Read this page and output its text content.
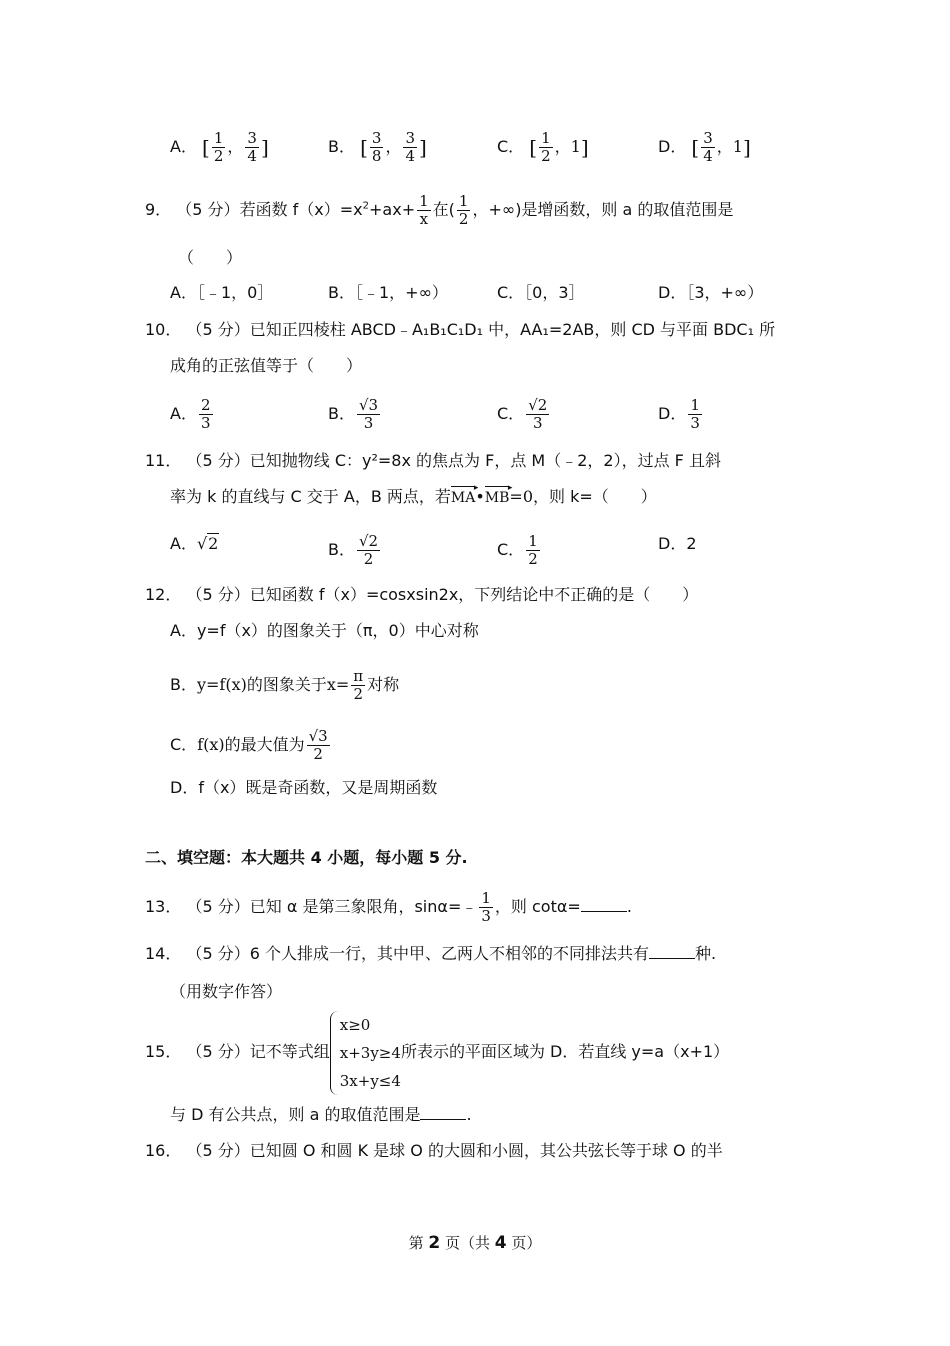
A． [ $\frac{1}{2}$ ， $\frac{3}{4}$ ]	B． [ $\frac{3}{8}$ ， $\frac{3}{4}$ ]	C． [ $\frac{1}{2}$ ，1]	D． [ $\frac{3}{4}$ ，1]
9． （5 分）若函数 $f(x)=x^2+ax+ \frac{1}{x}$ 在( $\frac{1}{2}$ ，+∞)是增函数，则 a 的取值范围是
（　　）
A．［﹣1，0］	B．［﹣1，+∞）	C．［0，3］	D．［3，+∞）
10． （5 分）已知正四棱柱 ABCD﹣A₁B₁C₁D₁ 中，AA₁=2AB，则 CD 与平面 BDC₁ 所
成角的正弦值等于（　　）
A． $\frac{2}{3}$	B． $\frac{√3}{3}$	C． $\frac{√2}{3}$	D． $\frac{1}{3}$
11． （5 分）已知抛物线 C：y²=8x 的焦点为 F，点 M（﹣2，2），过点 F 且斜
率为 k 的直线与 C 交于 A，B 两点，若MA ▸•MB ▸=0，则 k=（　　）
A．√2	B． $\frac{√2}{2}$	C． $\frac{1}{2}$	D．2
12． （5 分）已知函数 f（x）=cosxsin2x，下列结论中不正确的是（　　）
A．y=f（x）的图象关于（π，0）中心对称
B．y=f(x)的图象关于$x= \frac{\pi}{2}$ 对称
C．f(x)的最大值为 $\frac{√3}{2}$
D．f（x）既是奇函数，又是周期函数
二、填空题：本大题共 4 小题，每小题 5 分.
13． （5 分）已知 α 是第三象限角，sinα=﹣ $\frac{1}{3}$ ，则 cotα=	.
14． （5 分）6 个人排成一行，其中甲、乙两人不相邻的不同排法共有	种.
（用数字作答）
15． （5 分）记不等式组
x≥0
x+3y≥4
3x+y≤4
所表示的平面区域为 D．若直线 y=a（x+1）
与 D 有公共点，则 a 的取值范围是	.
16． （5 分）已知圆 O 和圆 K 是球 O 的大圆和小圆，其公共弦长等于球 O 的半
第 2 页（共 4 页）
